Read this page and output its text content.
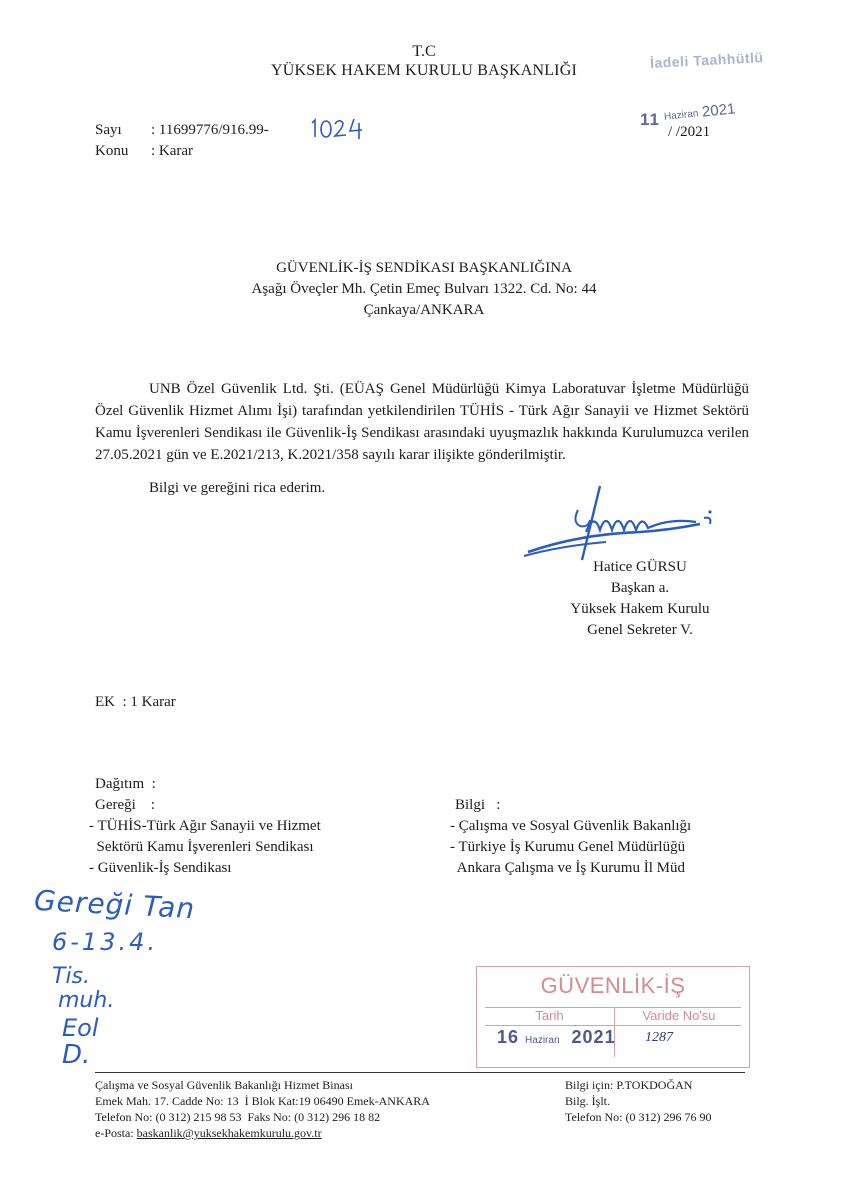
T.C
YÜKSEK HAKEM KURULU BAŞKANLIĞI	İadeli Taahhütlü
11 Haziran 2021
/ /2021
Sayı : 11699776/916.99-
Konu : Karar
GÜVENLİK-İŞ SENDİKASI BAŞKANLIĞINA
Aşağı Öveçler Mh. Çetin Emeç Bulvarı 1322. Cd. No: 44
Çankaya/ANKARA
UNB Özel Güvenlik Ltd. Şti. (EÜAŞ Genel Müdürlüğü Kimya Laboratuvar İşletme Müdürlüğü Özel Güvenlik Hizmet Alımı İşi) tarafından yetkilendirilen TÜHİS - Türk Ağır Sanayii ve Hizmet Sektörü Kamu İşverenleri Sendikası ile Güvenlik-İş Sendikası arasındaki uyuşmazlık hakkında Kurulumuzca verilen 27.05.2021 gün ve E.2021/213, K.2021/358 sayılı karar ilişikte gönderilmiştir.
Bilgi ve gereğini rica ederim.
Hatice GÜRSU
Başkan a.
Yüksek Hakem Kurulu
Genel Sekreter V.
EK  : 1 Karar
Dağıtım  :
Gereği    :
- TÜHİS-Türk Ağır Sanayii ve Hizmet
Sektörü Kamu İşverenleri Sendikası
- Güvenlik-İş Sendikası
Bilgi   :
- Çalışma ve Sosyal Güvenlik Bakanlığı
- Türkiye İş Kurumu Genel Müdürlüğü
Ankara Çalışma ve İş Kurumu İl Müd
Gereği Tan
6-13.4.
Tis.
muh.
Eol
D.
GÜVENLİK-İŞ
Tarih	Varide No'su
16 Haziran 2021 1287
Çalışma ve Sosyal Güvenlik Bakanlığı Hizmet Binası
Emek Mah. 17. Cadde No: 13  İ Blok Kat:19 06490 Emek-ANKARA
Telefon No: (0 312) 215 98 53  Faks No: (0 312) 296 18 82
e-Posta: baskanlik@yuksekhakemkurulu.gov.tr
Bilgi için: P.TOKDOĞAN
Bilg. İşlt.
Telefon No: (0 312) 296 76 90
